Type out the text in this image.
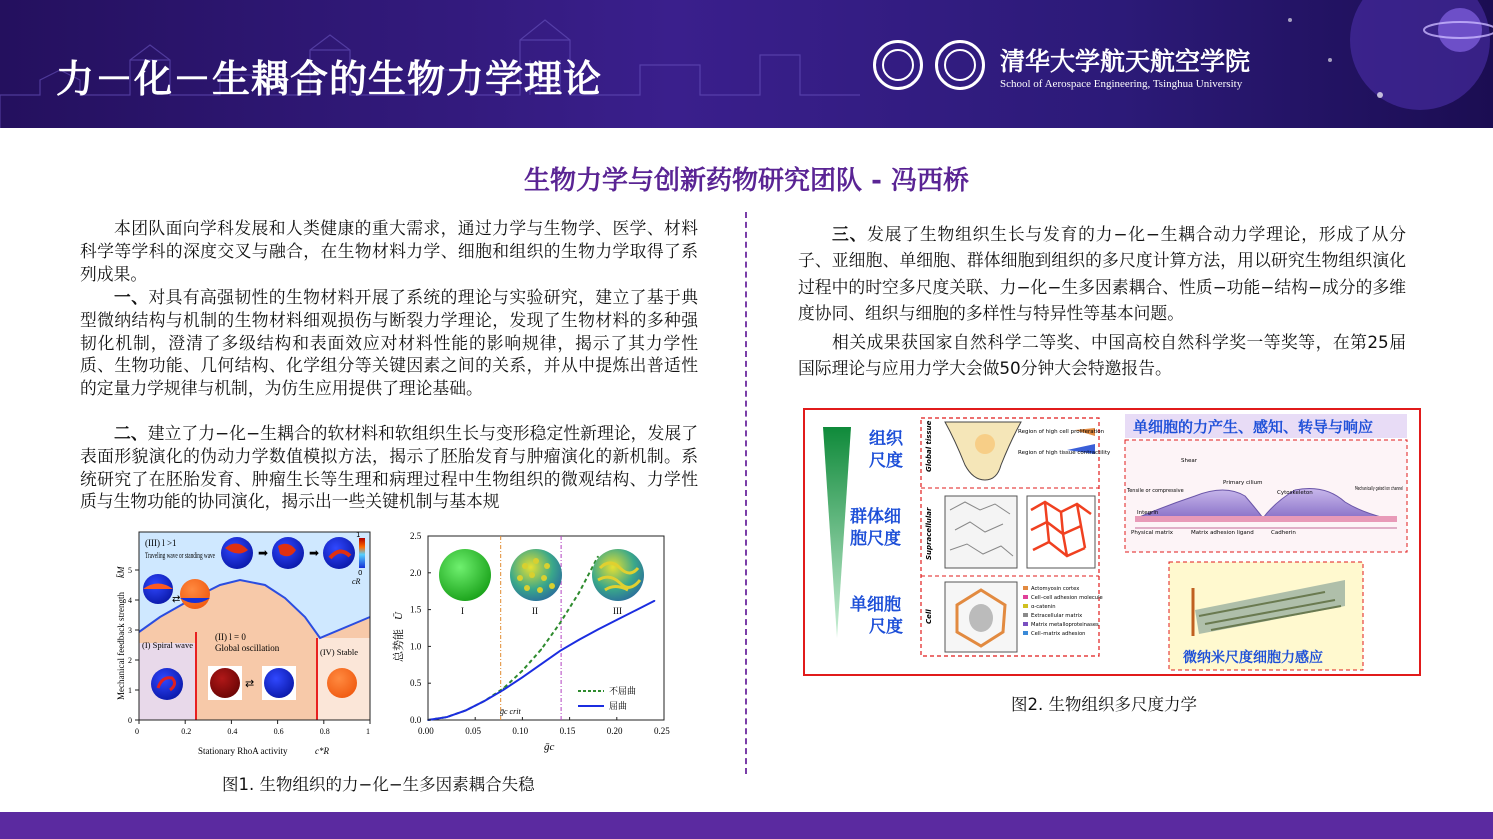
力－化－生耦合的生物力学理论	清华大学航天航空学院
School of Aerospace Engineering, Tsinghua University
生物力学与创新药物研究团队 - 冯西桥

本团队面向学科发展和人类健康的重大需求，通过力学与生物学、医学、材料科学等学科的深度交叉与融合，在生物材料力学、细胞和组织的生物力学取得了系列成果。

一、对具有高强韧性的生物材料开展了系统的理论与实验研究，建立了基于典型微纳结构与机制的生物材料细观损伤与断裂力学理论，发现了生物材料的多种强韧化机制，澄清了多级结构和表面效应对材料性能的影响规律，揭示了其力学性质、生物功能、几何结构、化学组分等关键因素之间的关系，并从中提炼出普适性的定量力学规律与机制，为仿生应用提供了理论基础。

二、建立了力−化−生耦合的软材料和软组织生长与变形稳定性新理论，发展了表面形貌演化的伪动力学数值模拟方法，揭示了胚胎发育与肿瘤演化的新机制。系统研究了在胚胎发育、肿瘤生长等生理和病理过程中生物组织的微观结构、力学性质与生物功能的协同演化，揭示出一些关键机制与基本规

(III) l >1
Traveling wave or standing wave
(II) l = 0
Global oscillation
(I) Spiral wave
(IV) Stable
➡	➡
1
0
cR
⇄
⇄
0	0.2	0.4	0.6	0.8	1
0
1
2
3
4
5
Stationary RhoA activity	c*R
Mechanical feedback strength
k̄M
0.00	0.05	0.10	0.15	0.20	0.25
0.0
0.5
1.0
1.5
2.0
2.5
I	II	III
ḡc crit
不屈曲
屈曲
总势能
Ū
ḡc
图1. 生物组织的力−化−生多因素耦合失稳

三、发展了生物组织生长与发育的力−化−生耦合动力学理论，形成了从分子、亚细胞、单细胞、群体细胞到组织的多尺度计算方法，用以研究生物组织演化过程中的时空多尺度关联、力−化−生多因素耦合、性质−功能−结构−成分的多维度协同、组织与细胞的多样性与特异性等基本问题。

相关成果获国家自然科学二等奖、中国高校自然科学奖一等奖等，在第25届国际理论与应用力学大会做50分钟大会特邀报告。

组织
尺度
群体细
胞尺度
单细胞
尺度
Global tissue
Supracellular
Cell
Region of high cell proliferation
Region of high tissue contractility
Actomyosin cortex
Cell–cell adhesion molecule
α-catenin
Extracellular matrix
Matrix metalloproteinases
Cell–matrix adhesion
单细胞的力产生、感知、转导与响应
Shear
Primary cilium
Cytoskeleton
Mechanically gated ion channel
Tensile or compressive
Integrin
Physical matrix	Matrix adhesion ligand	Cadherin
微纳米尺度细胞力感应
图2. 生物组织多尺度力学
